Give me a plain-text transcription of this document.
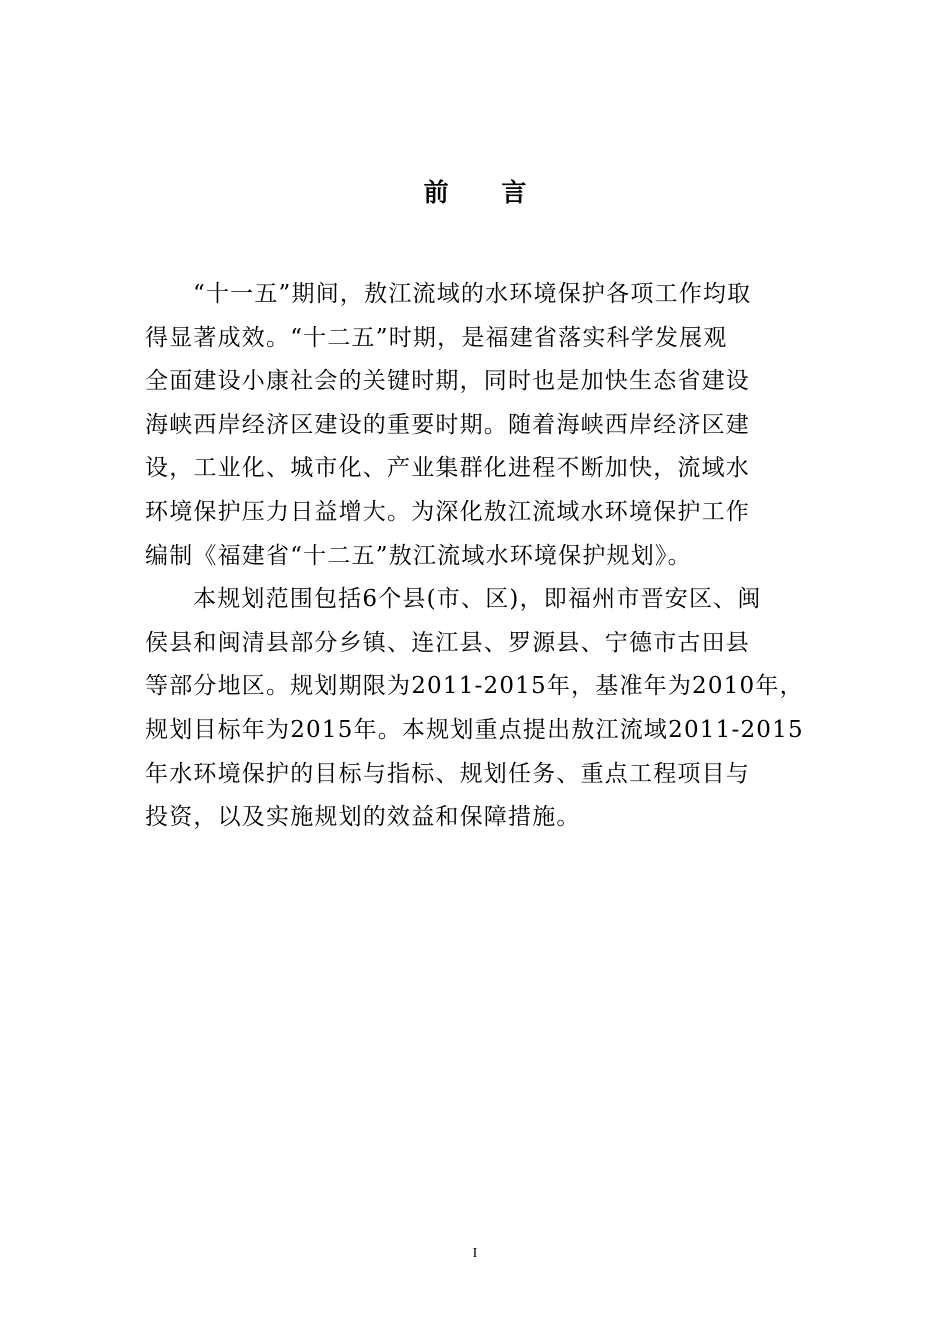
前 言
“十一五”期间，敖江流域的水环境保护各项工作均取
得显著成效。“十二五”时期，是福建省落实科学发展观
全面建设小康社会的关键时期，同时也是加快生态省建设
海峡西岸经济区建设的重要时期。随着海峡西岸经济区建
设，工业化、城市化、产业集群化进程不断加快，流域水
环境保护压力日益增大。为深化敖江流域水环境保护工作
编制《福建省“十二五”敖江流域水环境保护规划》。
本规划范围包括6个县(市、区)，即福州市晋安区、闽
侯县和闽清县部分乡镇、连江县、罗源县、宁德市古田县
等部分地区。规划期限为2011-2015年，基准年为2010年，
规划目标年为2015年。本规划重点提出敖江流域2011-2015
年水环境保护的目标与指标、规划任务、重点工程项目与
投资，以及实施规划的效益和保障措施。
I
